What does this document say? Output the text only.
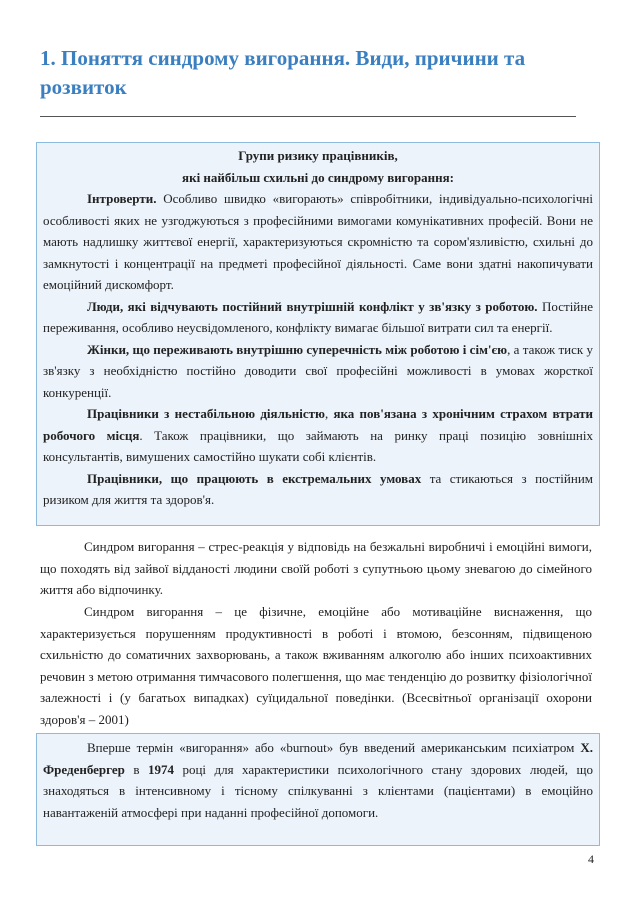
1. Поняття синдрому вигорання. Види, причини та розвиток

Групи ризику працівників,

які найбільш схильні до синдрому вигорання:

Інтроверти. Особливо швидко «вигорають» співробітники, індивідуально-психологічні особливості яких не узгоджуються з професійними вимогами комунікативних професій. Вони не мають надлишку життєвої енергії, характеризуються скромністю та сором'язливістю, схильні до замкнутості і концентрації на предметі професійної діяльності. Саме вони здатні накопичувати емоційний дискомфорт.

Люди, які відчувають постійний внутрішній конфлікт у зв'язку з роботою. Постійне переживання, особливо неусвідомленого, конфлікту вимагає більшої витрати сил та енергії.

Жінки, що переживають внутрішню суперечність між роботою і сім'єю, а також тиск у зв'язку з необхідністю постійно доводити свої професійні можливості в умовах жорсткої конкуренції.

Працівники з нестабільною діяльністю, яка пов'язана з хронічним страхом втрати робочого місця. Також працівники, що займають на ринку праці позицію зовнішніх консультантів, вимушених самостійно шукати собі клієнтів.

Працівники, що працюють в екстремальних умовах та стикаються з постійним ризиком для життя та здоров'я.

Синдром вигорання – стрес-реакція у відповідь на безжальні виробничі і емоційні вимоги, що походять від зайвої відданості людини своїй роботі з супутньою цьому зневагою до сімейного життя або відпочинку.

Синдром вигорання – це фізичне, емоційне або мотиваційне виснаження, що характеризується порушенням продуктивності в роботі і втомою, безсонням, підвищеною схильністю до соматичних захворювань, а також вживанням алкоголю або інших психоактивних речовин з метою отримання тимчасового полегшення, що має тенденцію до розвитку фізіологічної залежності і (у багатьох випадках) суїцидальної поведінки. (Всесвітньої організації охорони здоров'я – 2001)

Вперше термін «вигорання» або «burnout» був введений американським психіатром Х. Фреденбергер в 1974 році для характеристики психологічного стану здорових людей, що знаходяться в інтенсивному і тісному спілкуванні з клієнтами (пацієнтами) в емоційно навантаженій атмосфері при наданні професійної допомоги.

4
